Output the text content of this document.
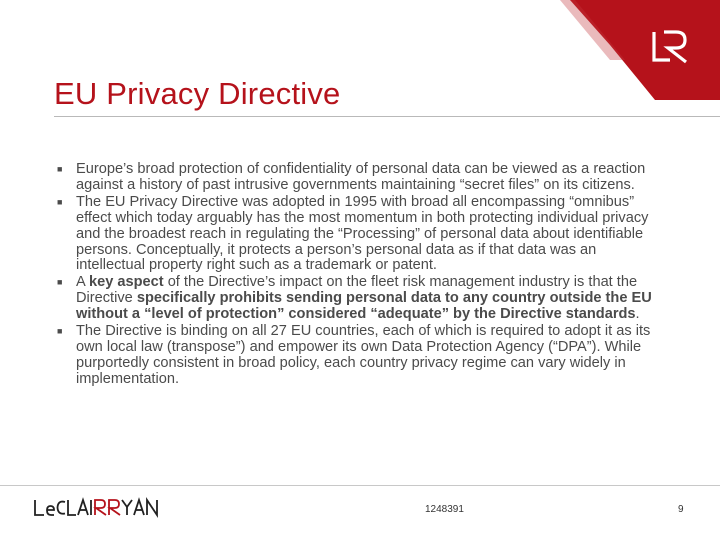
EU Privacy Directive
■ Europe’s broad protection of confidentiality of personal data can be viewed as a reaction against a history of past intrusive governments maintaining “secret files” on its citizens.
■ The EU Privacy Directive was adopted in 1995 with broad all encompassing “omnibus” effect which today arguably has the most momentum in both protecting individual privacy and the broadest reach in regulating the “Processing” of personal data about identifiable persons. Conceptually, it protects a person’s personal data as if that data was an intellectual property right such as a trademark or patent.
■ A key aspect of the Directive’s impact on the fleet risk management industry is that the Directive specifically prohibits sending personal data to any country outside the EU without a “level of protection” considered “adequate” by the Directive standards.
■ The Directive is binding on all 27 EU countries, each of which is required to adopt it as its own local law (transpose”) and empower its own Data Protection Agency (“DPA”). While purportedly consistent in broad policy, each country privacy regime can vary widely in implementation.
1248391	9
